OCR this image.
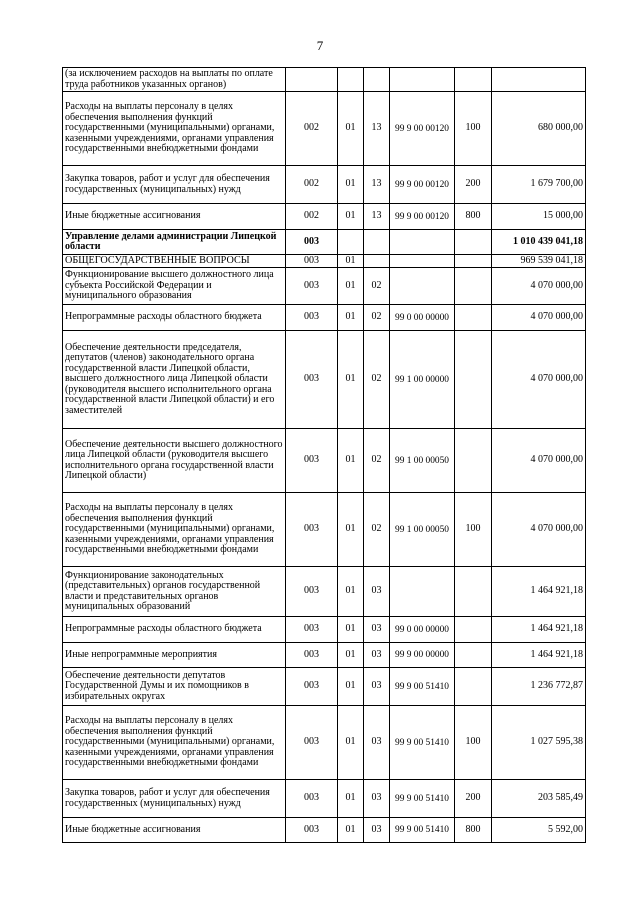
7
(за исключением расходов на выплаты по оплате труда работников указанных органов)						
Расходы на выплаты персоналу в целях обеспечения выполнения функций государственными (муниципальными) органами, казенными учреждениями, органами управления государственными внебюджетными фондами	002	01	13	99 9 00 00120	100	680 000,00
Закупка товаров, работ и услуг для обеспечения государственных (муниципальных) нужд	002	01	13	99 9 00 00120	200	1 679 700,00
Иные бюджетные ассигнования	002	01	13	99 9 00 00120	800	15 000,00
Управление делами администрации Липецкой области	003					1 010 439 041,18
ОБЩЕГОСУДАРСТВЕННЫЕ ВОПРОСЫ	003	01				969 539 041,18
Функционирование высшего должностного лица субъекта Российской Федерации и муниципального образования	003	01	02			4 070 000,00
Непрограммные расходы областного бюджета	003	01	02	99 0 00 00000		4 070 000,00
Обеспечение деятельности председателя, депутатов (членов) законодательного органа государственной власти Липецкой области, высшего должностного лица Липецкой области (руководителя высшего исполнительного органа государственной власти Липецкой области) и его заместителей	003	01	02	99 1 00 00000		4 070 000,00
Обеспечение деятельности высшего должностного лица Липецкой области (руководителя высшего исполнительного органа государственной власти Липецкой области)	003	01	02	99 1 00 00050		4 070 000,00
Расходы на выплаты персоналу в целях обеспечения выполнения функций государственными (муниципальными) органами, казенными учреждениями, органами управления государственными внебюджетными фондами	003	01	02	99 1 00 00050	100	4 070 000,00
Функционирование законодательных (представительных) органов государственной власти и представительных органов муниципальных образований	003	01	03			1 464 921,18
Непрограммные расходы областного бюджета	003	01	03	99 0 00 00000		1 464 921,18
Иные непрограммные мероприятия	003	01	03	99 9 00 00000		1 464 921,18
Обеспечение деятельности депутатов Государственной Думы и их помощников в избирательных округах	003	01	03	99 9 00 51410		1 236 772,87
Расходы на выплаты персоналу в целях обеспечения выполнения функций государственными (муниципальными) органами, казенными учреждениями, органами управления государственными внебюджетными фондами	003	01	03	99 9 00 51410	100	1 027 595,38
Закупка товаров, работ и услуг для обеспечения государственных (муниципальных) нужд	003	01	03	99 9 00 51410	200	203 585,49
Иные бюджетные ассигнования	003	01	03	99 9 00 51410	800	5 592,00
